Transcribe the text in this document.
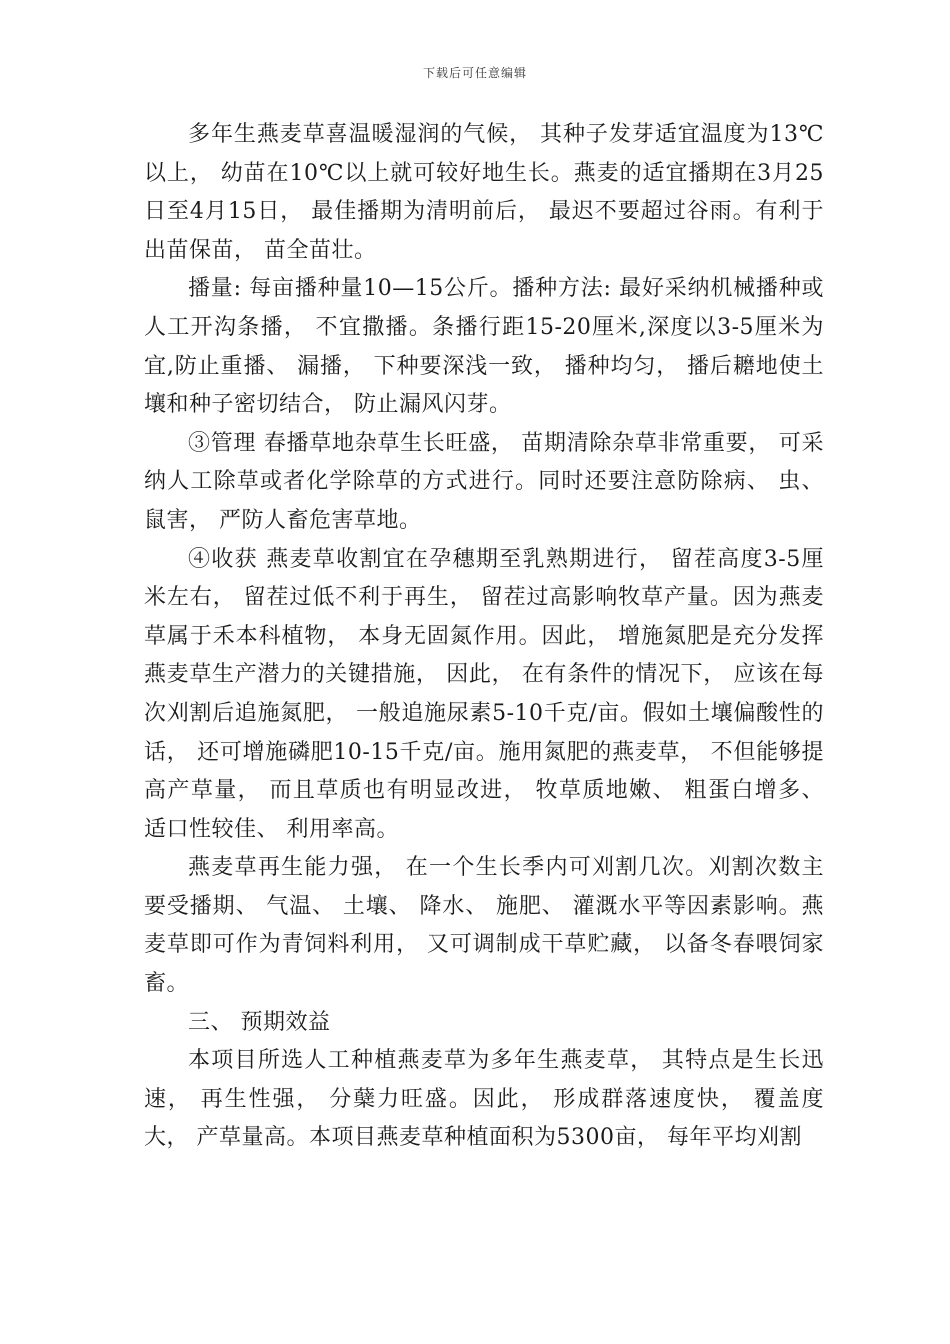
下载后可任意编辑

多年生燕麦草喜温暖湿润的气候， 其种子发芽适宜温度为13℃以上， 幼苗在10℃以上就可较好地生长。燕麦的适宜播期在3月25日至4月15日， 最佳播期为清明前后， 最迟不要超过谷雨。有利于出苗保苗， 苗全苗壮。

播量: 每亩播种量10—15公斤。播种方法: 最好采纳机械播种或人工开沟条播， 不宜撒播。条播行距15-20厘米,深度以3-5厘米为宜,防止重播、 漏播， 下种要深浅一致， 播种均匀， 播后耱地使土壤和种子密切结合， 防止漏风闪芽。

③管理 春播草地杂草生长旺盛， 苗期清除杂草非常重要， 可采纳人工除草或者化学除草的方式进行。同时还要注意防除病、 虫、 鼠害， 严防人畜危害草地。

④收获 燕麦草收割宜在孕穗期至乳熟期进行， 留茬高度3-5厘米左右， 留茬过低不利于再生， 留茬过高影响牧草产量。因为燕麦草属于禾本科植物， 本身无固氮作用。因此， 增施氮肥是充分发挥燕麦草生产潜力的关键措施， 因此， 在有条件的情况下， 应该在每次刈割后追施氮肥， 一般追施尿素5-10千克/亩。假如土壤偏酸性的话， 还可增施磷肥10-15千克/亩。施用氮肥的燕麦草， 不但能够提高产草量， 而且草质也有明显改进， 牧草质地嫩、 粗蛋白增多、 适口性较佳、 利用率高。

燕麦草再生能力强， 在一个生长季内可刈割几次。刈割次数主要受播期、 气温、 土壤、 降水、 施肥、 灌溉水平等因素影响。燕麦草即可作为青饲料利用， 又可调制成干草贮藏， 以备冬春喂饲家畜。

三、 预期效益

本项目所选人工种植燕麦草为多年生燕麦草， 其特点是生长迅速， 再生性强， 分蘖力旺盛。因此， 形成群落速度快， 覆盖度大， 产草量高。本项目燕麦草种植面积为5300亩， 每年平均刈割
